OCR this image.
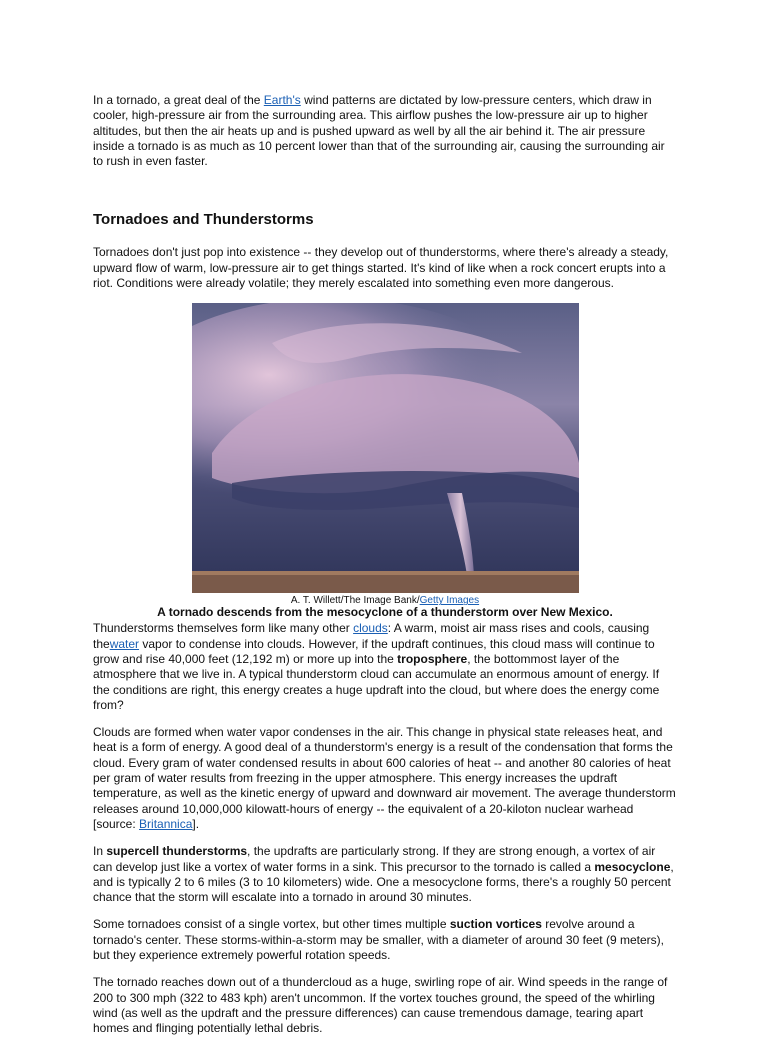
In a tornado, a great deal of the Earth's wind patterns are dictated by low-pressure centers, which draw in cooler, high-pressure air from the surrounding area. This airflow pushes the low-pressure air up to higher altitudes, but then the air heats up and is pushed upward as well by all the air behind it. The air pressure inside a tornado is as much as 10 percent lower than that of the surrounding air, causing the surrounding air to rush in even faster.

Tornadoes and Thunderstorms

Tornadoes don't just pop into existence -- they develop out of thunderstorms, where there's already a steady, upward flow of warm, low-pressure air to get things started. It's kind of like when a rock concert erupts into a riot. Conditions were already volatile; they merely escalated into something even more dangerous.

A. T. Willett/The Image Bank/Getty Images
A tornado descends from the mesocyclone of a thunderstorm over New Mexico.

Thunderstorms themselves form like many other clouds: A warm, moist air mass rises and cools, causing thewater vapor to condense into clouds. However, if the updraft continues, this cloud mass will continue to grow and rise 40,000 feet (12,192 m) or more up into the troposphere, the bottommost layer of the atmosphere that we live in. A typical thunderstorm cloud can accumulate an enormous amount of energy. If the conditions are right, this energy creates a huge updraft into the cloud, but where does the energy come from?

Clouds are formed when water vapor condenses in the air. This change in physical state releases heat, and heat is a form of energy. A good deal of a thunderstorm's energy is a result of the condensation that forms the cloud. Every gram of water condensed results in about 600 calories of heat -- and another 80 calories of heat per gram of water results from freezing in the upper atmosphere. This energy increases the updraft temperature, as well as the kinetic energy of upward and downward air movement. The average thunderstorm releases around 10,000,000 kilowatt-hours of energy -- the equivalent of a 20-kiloton nuclear warhead [source: Britannica].

In supercell thunderstorms, the updrafts are particularly strong. If they are strong enough, a vortex of air can develop just like a vortex of water forms in a sink. This precursor to the tornado is called a mesocyclone, and is typically 2 to 6 miles (3 to 10 kilometers) wide. One a mesocyclone forms, there's a roughly 50 percent chance that the storm will escalate into a tornado in around 30 minutes.

Some tornadoes consist of a single vortex, but other times multiple suction vortices revolve around a tornado's center. These storms-within-a-storm may be smaller, with a diameter of around 30 feet (9 meters), but they experience extremely powerful rotation speeds.

The tornado reaches down out of a thundercloud as a huge, swirling rope of air. Wind speeds in the range of 200 to 300 mph (322 to 483 kph) aren't uncommon. If the vortex touches ground, the speed of the whirling wind (as well as the updraft and the pressure differences) can cause tremendous damage, tearing apart homes and flinging potentially lethal debris.
